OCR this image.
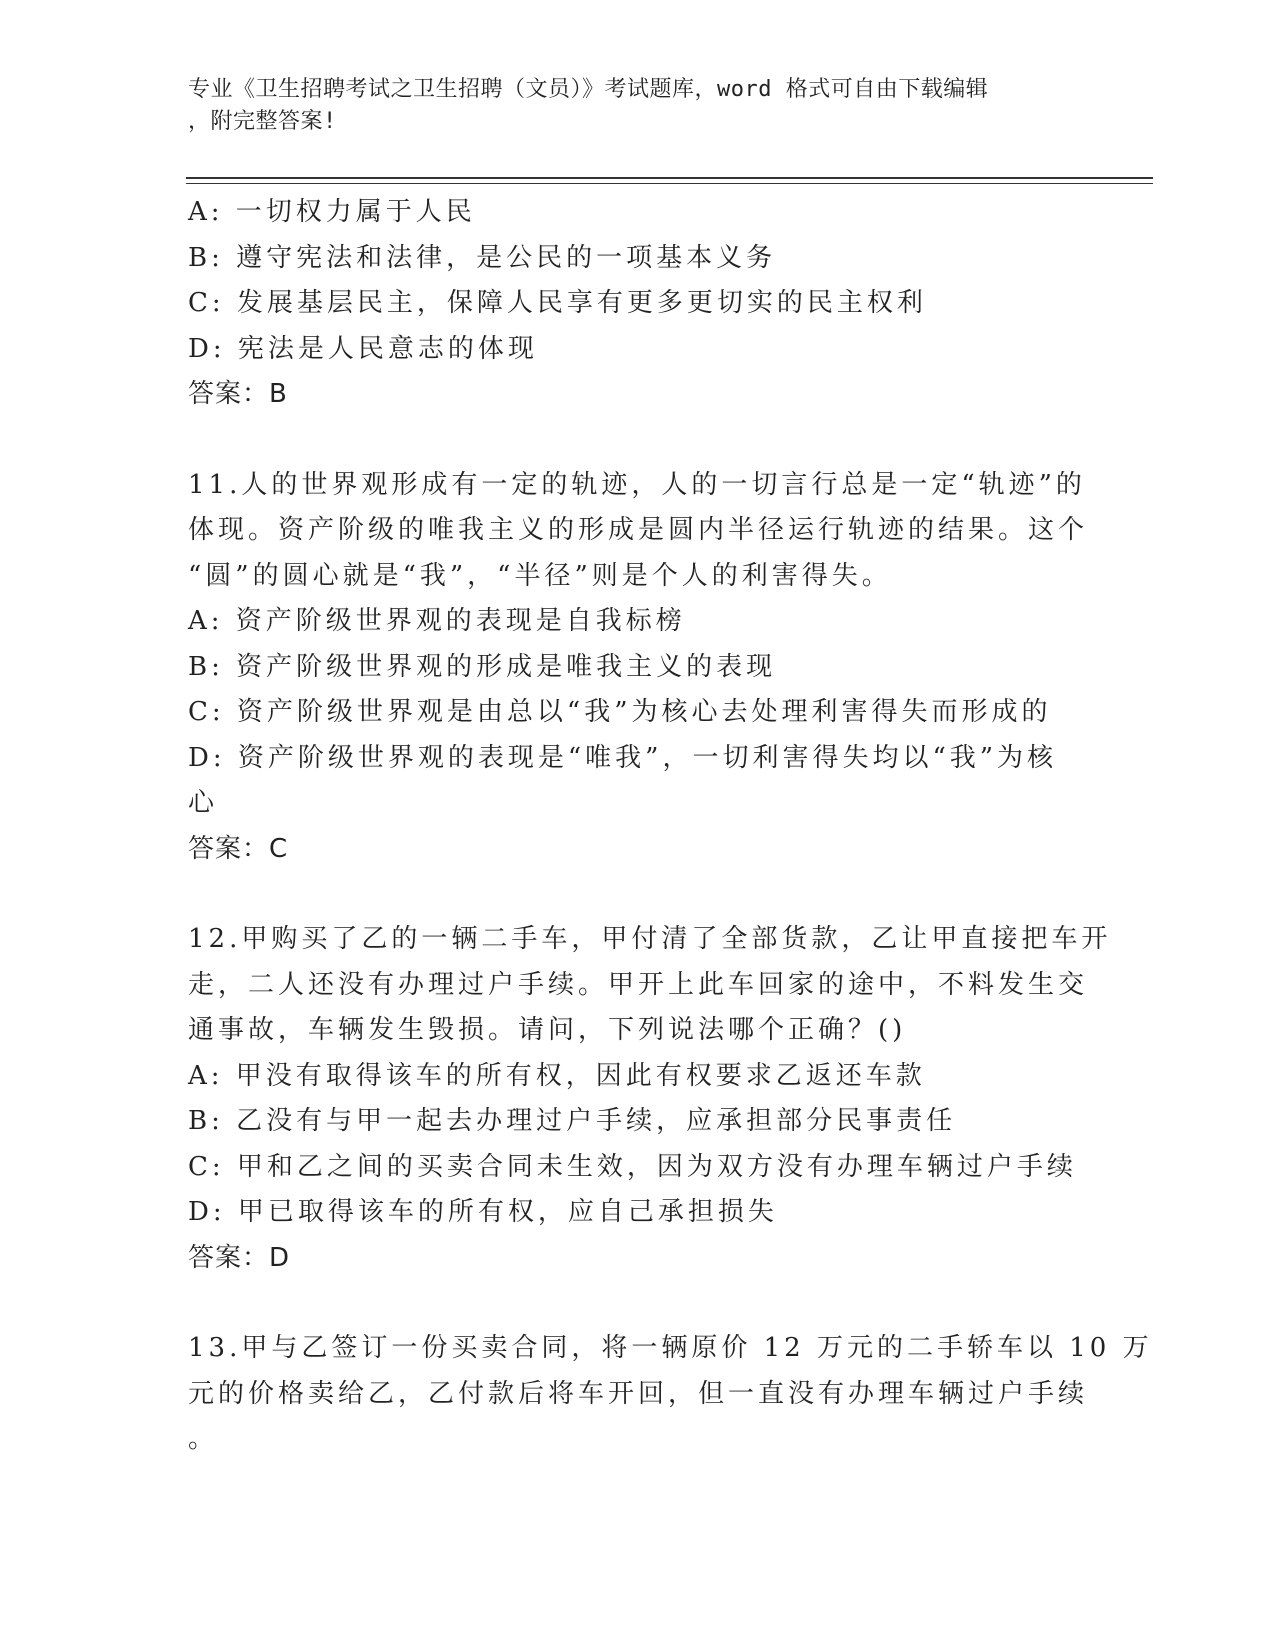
专业《卫生招聘考试之卫生招聘（文员）》考试题库，word 格式可自由下载编辑
，附完整答案!
A: 一切权力属于人民
B: 遵守宪法和法律，是公民的一项基本义务
C: 发展基层民主，保障人民享有更多更切实的民主权利
D: 宪法是人民意志的体现
答案：B
11.人的世界观形成有一定的轨迹，人的一切言行总是一定“轨迹”的
体现。资产阶级的唯我主义的形成是圆内半径运行轨迹的结果。这个
“圆”的圆心就是“我”，“半径”则是个人的利害得失。
A: 资产阶级世界观的表现是自我标榜
B: 资产阶级世界观的形成是唯我主义的表现
C: 资产阶级世界观是由总以“我”为核心去处理利害得失而形成的
D: 资产阶级世界观的表现是“唯我”，一切利害得失均以“我”为核
心
答案：C
12.甲购买了乙的一辆二手车，甲付清了全部货款，乙让甲直接把车开
走，二人还没有办理过户手续。甲开上此车回家的途中，不料发生交
通事故，车辆发生毁损。请问，下列说法哪个正确？()
A: 甲没有取得该车的所有权，因此有权要求乙返还车款
B: 乙没有与甲一起去办理过户手续，应承担部分民事责任
C: 甲和乙之间的买卖合同未生效，因为双方没有办理车辆过户手续
D: 甲已取得该车的所有权，应自己承担损失
答案：D
13.甲与乙签订一份买卖合同，将一辆原价 12 万元的二手轿车以 10 万
元的价格卖给乙，乙付款后将车开回，但一直没有办理车辆过户手续
。
